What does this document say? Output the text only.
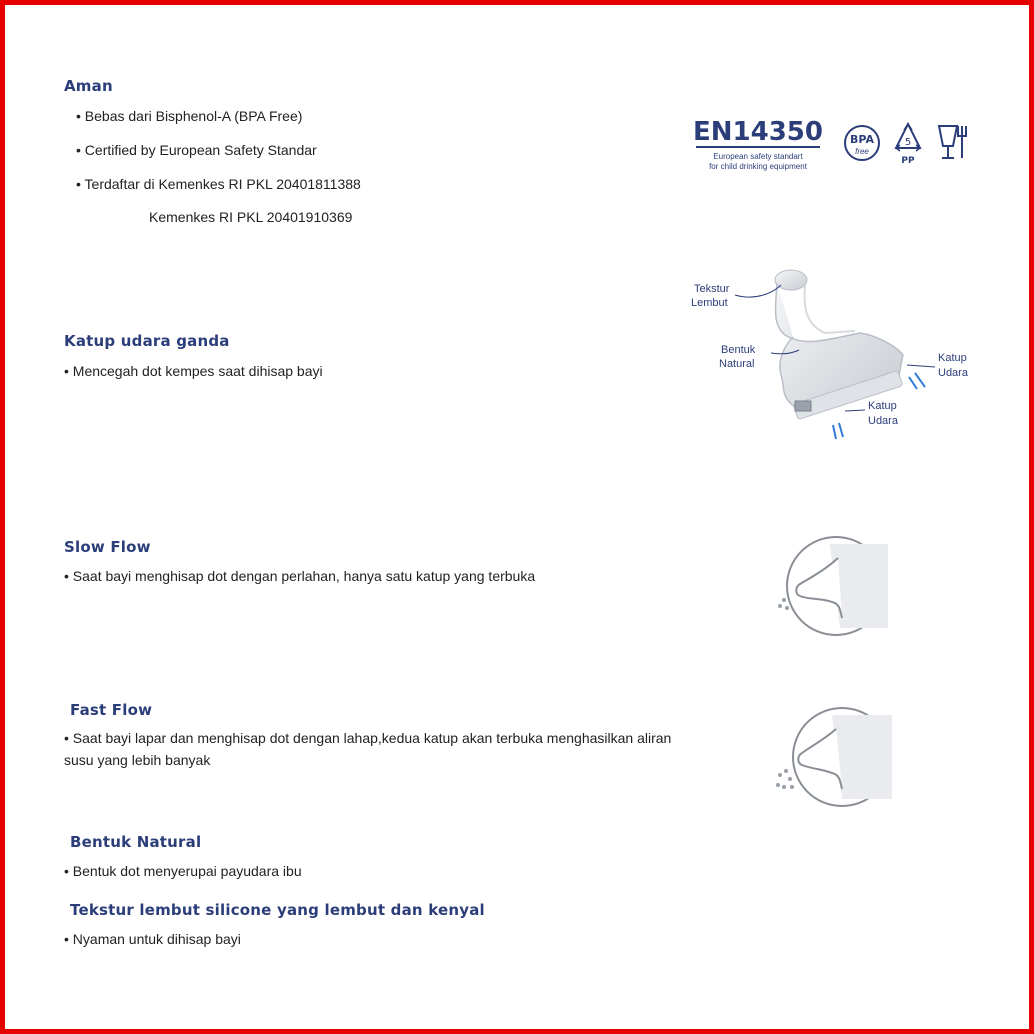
Aman
• Bebas dari Bisphenol-A (BPA Free)
• Certified by European Safety Standar
• Terdaftar di Kemenkes RI PKL 20401811388
Kemenkes RI PKL 20401910369
Katup udara ganda
• Mencegah dot kempes saat dihisap bayi
Slow Flow
• Saat bayi menghisap dot dengan perlahan, hanya satu katup yang terbuka
Fast Flow
• Saat bayi lapar dan menghisap dot dengan lahap,kedua katup akan terbuka menghasilkan aliran susu yang lebih banyak
Bentuk Natural
• Bentuk dot menyerupai payudara ibu
Tekstur lembut silicone yang lembut dan kenyal
• Nyaman untuk dihisap bayi
EN14350
European safety standart
for child drinking equipment
BPA
free
5
PP
Tekstur
Lembut
Bentuk
Natural	Katup
Udara
Katup
Udara
